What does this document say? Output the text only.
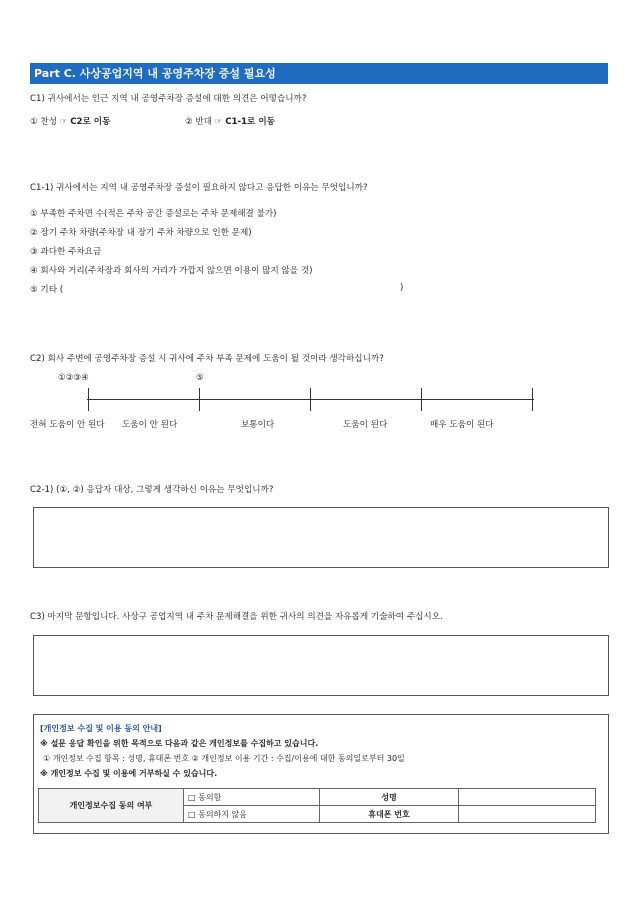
Part C. 사상공업지역 내 공영주차장 증설 필요성
C1) 귀사에서는 인근 지역 내 공영주차장 증설에 대한 의견은 어떻습니까?
① 찬성 ☞ C2로 이동	② 반대 ☞ C1-1로 이동
C1-1) 귀사에서는 지역 내 공영주차장 증설이 필요하지 않다고 응답한 이유는 무엇입니까?
① 부족한 주차면 수(적은 주차 공간 증설로는 주차 문제해결 불가)
② 장기 주차 차량(주차장 내 장기 주차 차량으로 인한 문제)
③ 과다한 주차요금
④ 회사와 거리(주차장과 회사의 거리가 가깝지 않으면 이용이 많지 않을 것)
⑤ 기타 (	)
C2) 회사 주변에 공영주차장 증설 시 귀사에 주차 부족 문제에 도움이 될 것이라 생각하십니까?
①②③④	⑤
전혀 도움이 안 된다 도움이 안 된다	보통이다	도움이 된다	매우 도움이 된다
C2-1) (①, ②) 응답자 대상, 그렇게 생각하신 이유는 무엇입니까?
C3) 마지막 문항입니다. 사상구 공업지역 내 주차 문제해결을 위한 귀사의 의견을 자유롭게 기술하여 주십시오.
[개인정보 수집 및 이용 동의 안내]
※ 설문 응답 확인을 위한 목적으로 다음과 같은 개인정보를 수집하고 있습니다.
① 개인정보 수집 항목 : 성명, 휴대폰 번호 ② 개인정보 이용 기간 : 수집/이용에 대한 동의일로부터 30일
※ 개인정보 수집 및 이용에 거부하실 수 있습니다.
개인정보수집 동의 여부	□ 동의함	성명	
	□ 동의하지 않음	휴대폰 번호	
